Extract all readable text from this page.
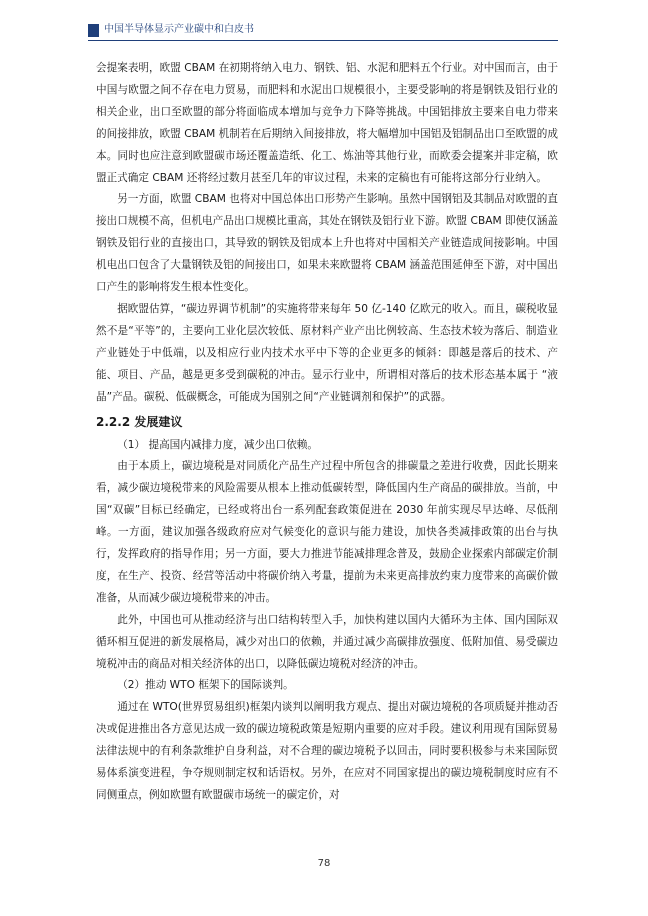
中国半导体显示产业碳中和白皮书

会提案表明，欧盟 CBAM 在初期将纳入电力、钢铁、铝、水泥和肥料五个行业。对中国而言，由于中国与欧盟之间不存在电力贸易，而肥料和水泥出口规模很小，主要受影响的将是钢铁及铝行业的相关企业，出口至欧盟的部分将面临成本增加与竞争力下降等挑战。中国铝排放主要来自电力带来的间接排放，欧盟 CBAM 机制若在后期纳入间接排放，将大幅增加中国铝及铝制品出口至欧盟的成本。同时也应注意到欧盟碳市场还覆盖造纸、化工、炼油等其他行业，而欧委会提案并非定稿，欧盟正式确定 CBAM 还将经过数月甚至几年的审议过程，未来的定稿也有可能将这部分行业纳入。

另一方面，欧盟 CBAM 也将对中国总体出口形势产生影响。虽然中国钢铝及其制品对欧盟的直接出口规模不高，但机电产品出口规模比重高，其处在钢铁及铝行业下游。欧盟 CBAM 即使仅涵盖钢铁及铝行业的直接出口，其导致的钢铁及铝成本上升也将对中国相关产业链造成间接影响。中国机电出口包含了大量钢铁及铝的间接出口，如果未来欧盟将 CBAM 涵盖范围延伸至下游，对中国出口产生的影响将发生根本性变化。

据欧盟估算，“碳边界调节机制”的实施将带来每年 50 亿-140 亿欧元的收入。而且，碳税收显然不是“平等”的，主要向工业化层次较低、原材料产业产出比例较高、生态技术较为落后、制造业产业链处于中低端，以及相应行业内技术水平中下等的企业更多的倾斜：即越是落后的技术、产能、项目、产品，越是更多受到碳税的冲击。显示行业中，所谓相对落后的技术形态基本属于 “液晶”产品。碳税、低碳概念，可能成为国别之间“产业链调剂和保护”的武器。

2.2.2 发展建议

（1） 提高国内减排力度，减少出口依赖。

由于本质上，碳边境税是对同质化产品生产过程中所包含的排碳量之差进行收费，因此长期来看，减少碳边境税带来的风险需要从根本上推动低碳转型，降低国内生产商品的碳排放。当前，中国“双碳”目标已经确定，已经或将出台一系列配套政策促进在 2030 年前实现尽早达峰、尽低削峰。一方面，建议加强各级政府应对气候变化的意识与能力建设，加快各类减排政策的出台与执行，发挥政府的指导作用；另一方面，要大力推进节能减排理念普及，鼓励企业探索内部碳定价制度，在生产、投资、经营等活动中将碳价纳入考量，提前为未来更高排放约束力度带来的高碳价做准备，从而减少碳边境税带来的冲击。

此外，中国也可从推动经济与出口结构转型入手，加快构建以国内大循环为主体、国内国际双循环相互促进的新发展格局，减少对出口的依赖，并通过减少高碳排放强度、低附加值、易受碳边境税冲击的商品对相关经济体的出口，以降低碳边境税对经济的冲击。

（2）推动 WTO 框架下的国际谈判。

通过在 WTO(世界贸易组织)框架内谈判以阐明我方观点、提出对碳边境税的各项质疑并推动否决或促进推出各方意见达成一致的碳边境税政策是短期内重要的应对手段。建议利用现有国际贸易法律法规中的有利条款维护自身利益，对不合理的碳边境税予以回击，同时要积极参与未来国际贸易体系演变进程，争夺规则制定权和话语权。另外，在应对不同国家提出的碳边境税制度时应有不同侧重点，例如欧盟有欧盟碳市场统一的碳定价，对

78
